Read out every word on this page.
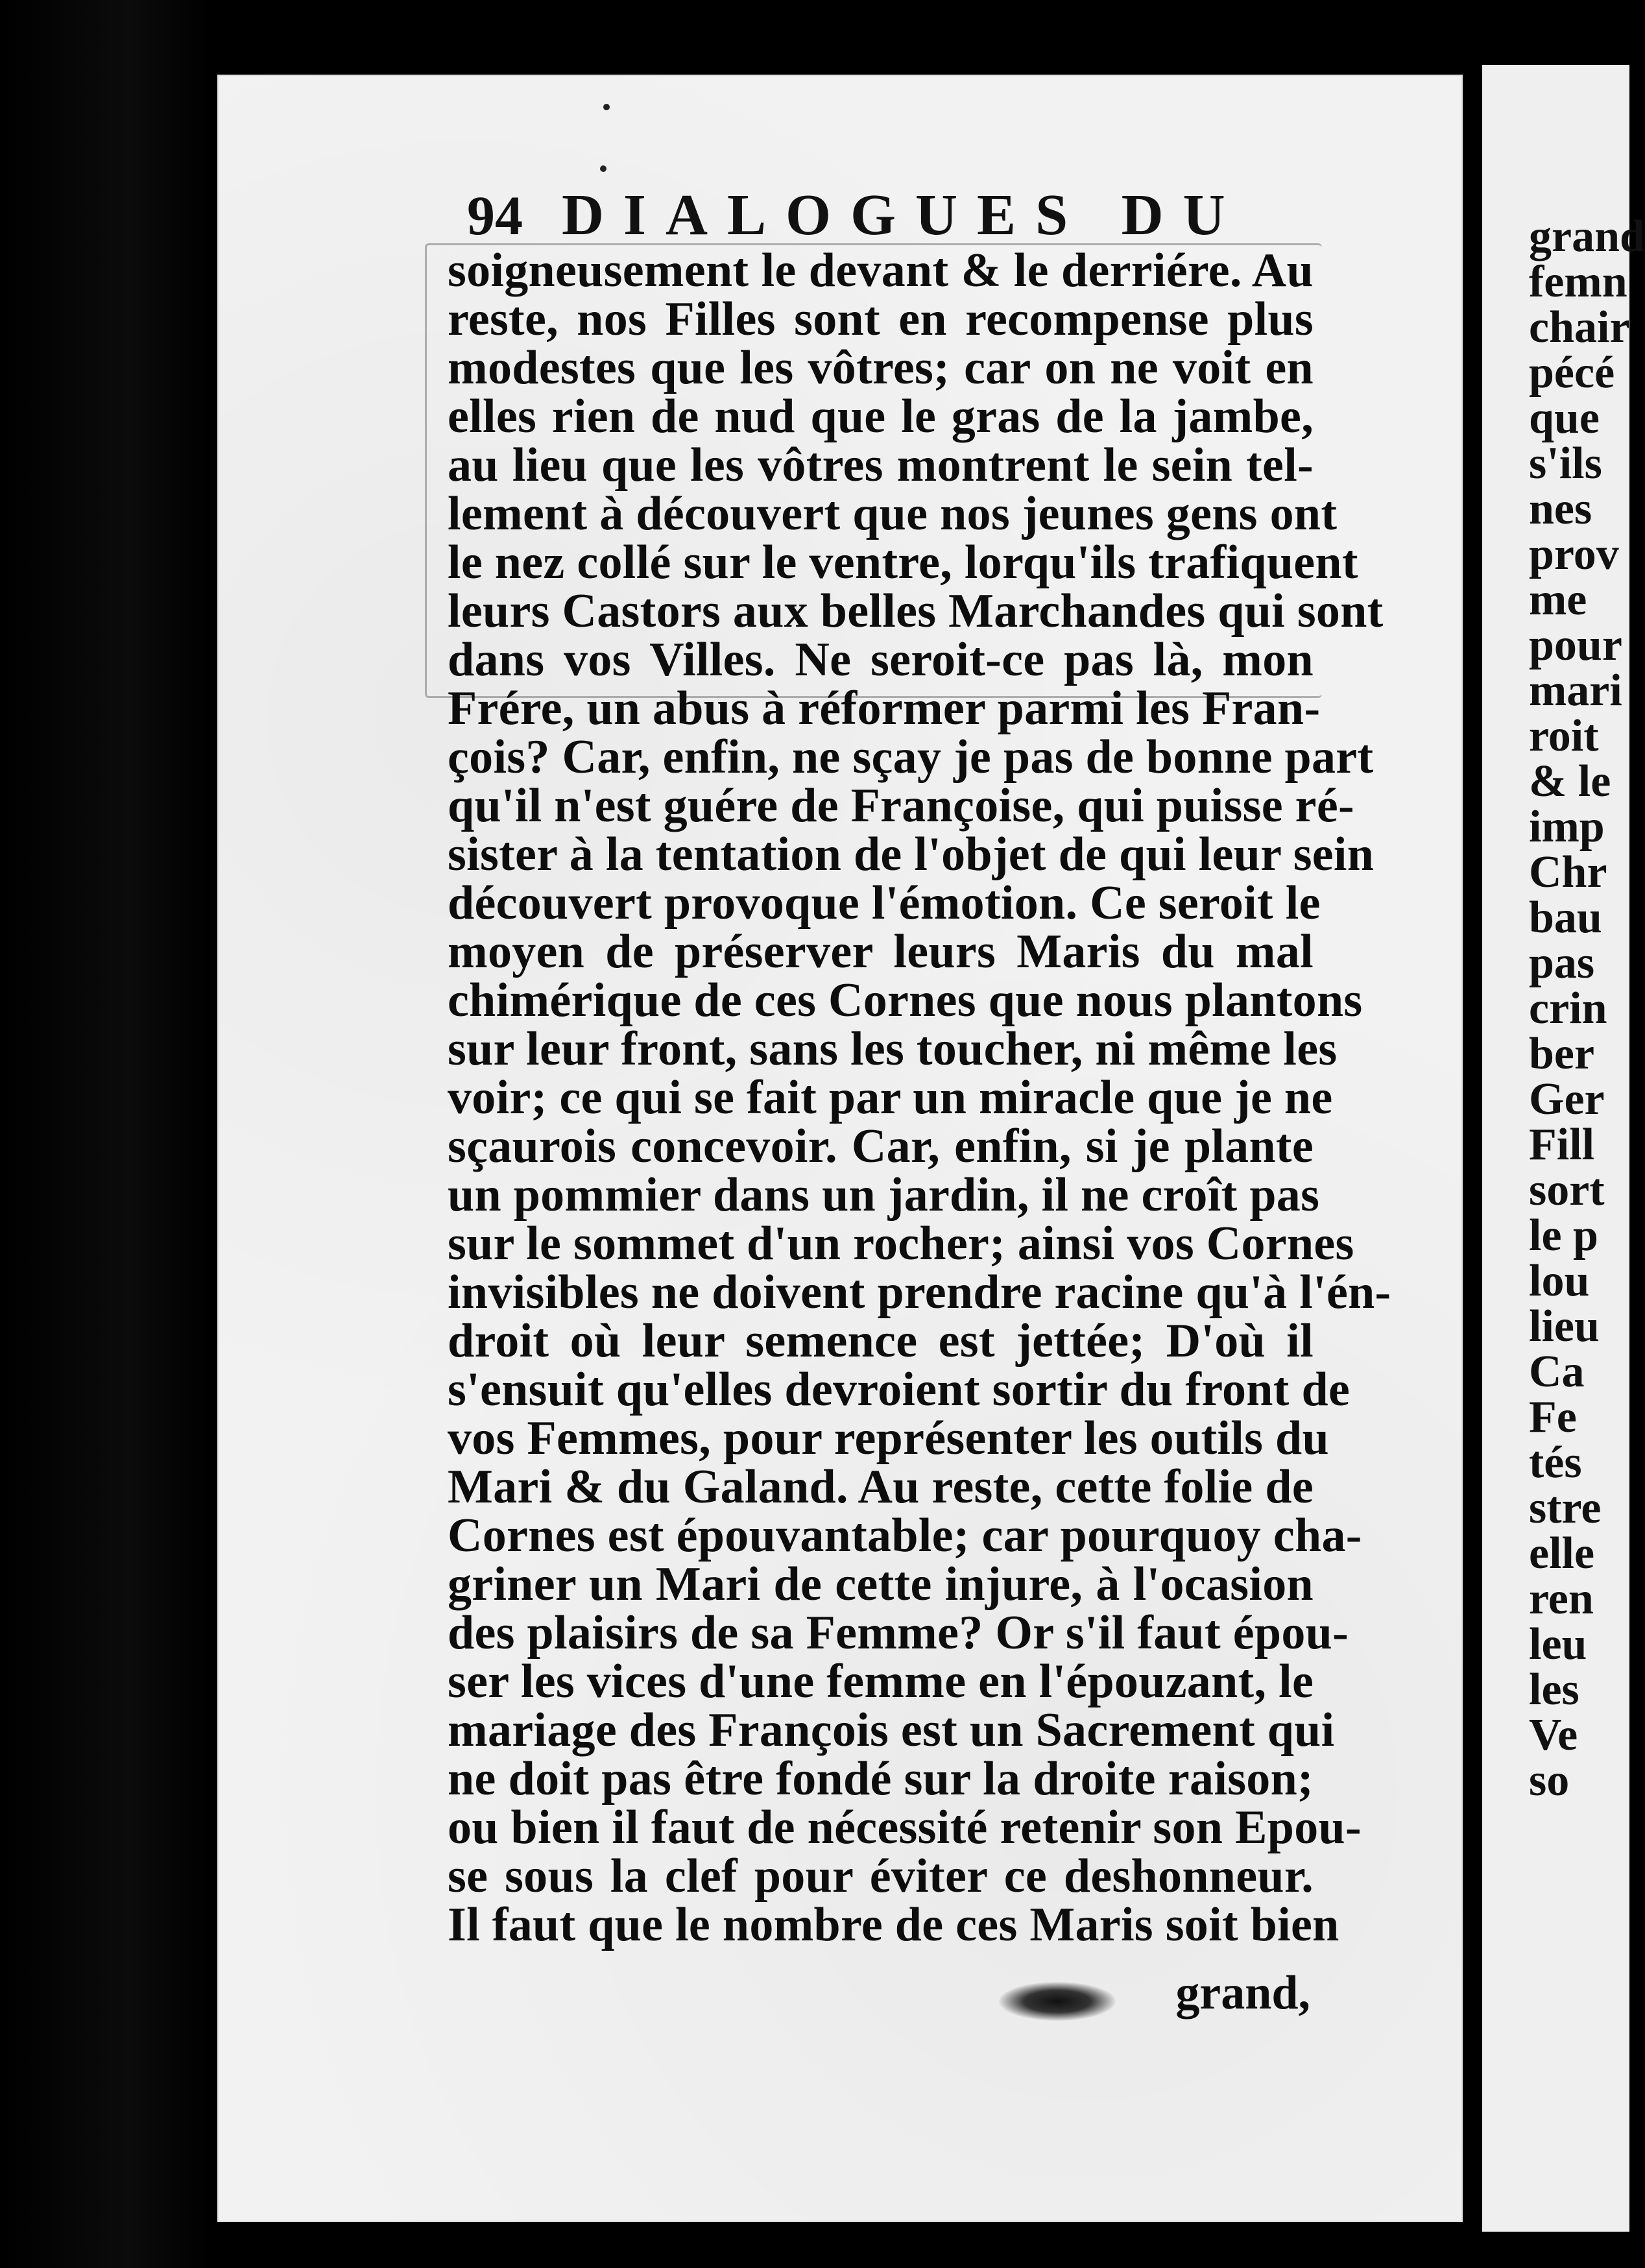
94 DIALOGUES DU
soigneusement le devant & le derriére. Au
reste, nos Filles sont en recompense plus
modestes que les vôtres; car on ne voit en
elles rien de nud que le gras de la jambe,
au lieu que les vôtres montrent le sein tel-
lement à découvert que nos jeunes gens ont
le nez collé sur le ventre, lorqu'ils trafiquent
leurs Castors aux belles Marchandes qui sont
dans vos Villes. Ne seroit-ce pas là, mon
Frére, un abus à réformer parmi les Fran-
çois? Car, enfin, ne sçay je pas de bonne part
qu'il n'est guére de Françoise, qui puisse ré-
sister à la tentation de l'objet de qui leur sein
découvert provoque l'émotion. Ce seroit le
moyen de préserver leurs Maris du mal
chimérique de ces Cornes que nous plantons
sur leur front, sans les toucher, ni même les
voir; ce qui se fait par un miracle que je ne
sçaurois concevoir. Car, enfin, si je plante
un pommier dans un jardin, il ne croît pas
sur le sommet d'un rocher; ainsi vos Cornes
invisibles ne doivent prendre racine qu'à l'én-
droit où leur semence est jettée; D'où il
s'ensuit qu'elles devroient sortir du front de
vos Femmes, pour représenter les outils du
Mari & du Galand. Au reste, cette folie de
Cornes est épouvantable; car pourquoy cha-
griner un Mari de cette injure, à l'ocasion
des plaisirs de sa Femme? Or s'il faut épou-
ser les vices d'une femme en l'épouzant, le
mariage des François est un Sacrement qui
ne doit pas être fondé sur la droite raison;
ou bien il faut de nécessité retenir son Epou-
se sous la clef pour éviter ce deshonneur.
Il faut que le nombre de ces Maris soit bien
grand,
grand
femn
chair
pécé
que
s'ils
nes
prov
me
pour
mari
roit
& le
imp
Chr
bau
pas
crin
ber
Ger
Fill
sort
le p
lou
lieu
Ca
Fe
tés
stre
elle
ren
leu
les
Ve
so
